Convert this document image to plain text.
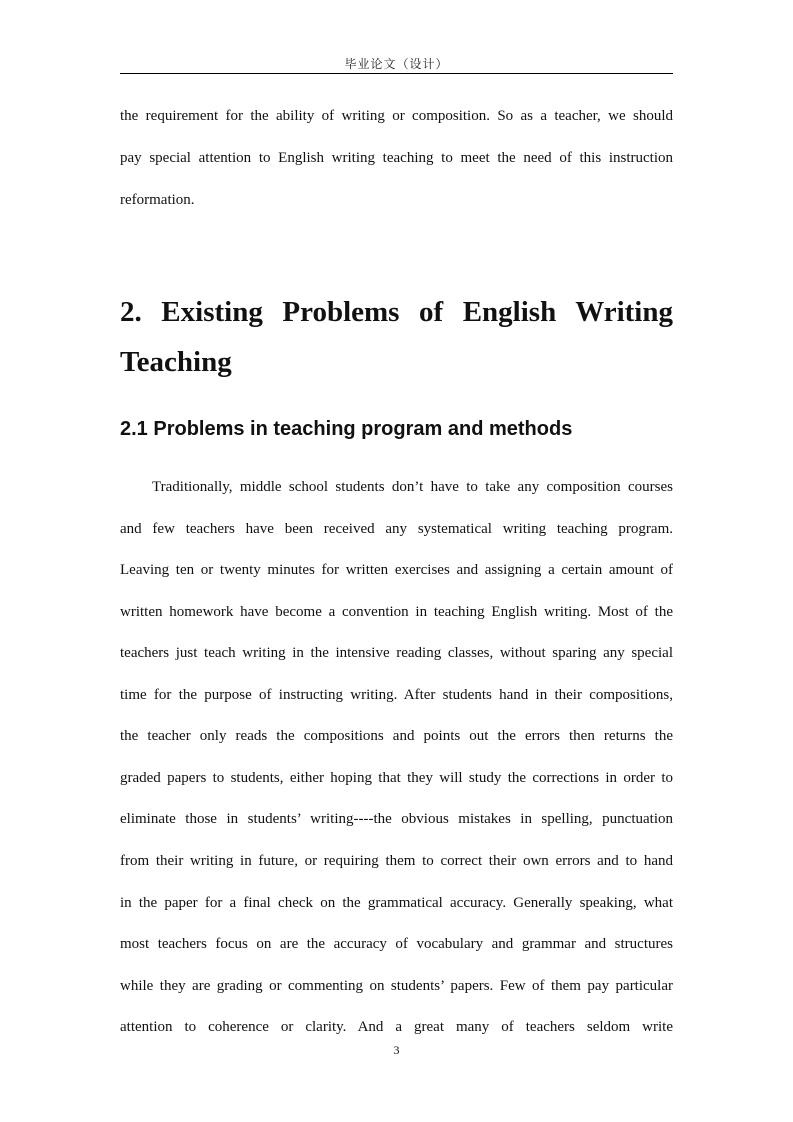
毕业论文（设计）

the requirement for the ability of writing or composition. So as a teacher, we should

pay special attention to English writing teaching to meet the need of this instruction

reformation.

2. Existing Problems of English Writing
Teaching
2.1 Problems in teaching program and methods

Traditionally, middle school students don’t have to take any composition courses

and few teachers have been received any systematical writing teaching program.

Leaving ten or twenty minutes for written exercises and assigning a certain amount of

written homework have become a convention in teaching English writing. Most of the

teachers just teach writing in the intensive reading classes, without sparing any special

time for the purpose of instructing writing. After students hand in their compositions,

the teacher only reads the compositions and points out the errors then returns the

graded papers to students, either hoping that they will study the corrections in order to

eliminate those in students’ writing----the obvious mistakes in spelling, punctuation

from their writing in future, or requiring them to correct their own errors and to hand

in the paper for a final check on the grammatical accuracy. Generally speaking, what

most teachers focus on are the accuracy of vocabulary and grammar and structures

while they are grading or commenting on students’ papers. Few of them pay particular

attention to coherence or clarity. And a great many of teachers seldom write

3
